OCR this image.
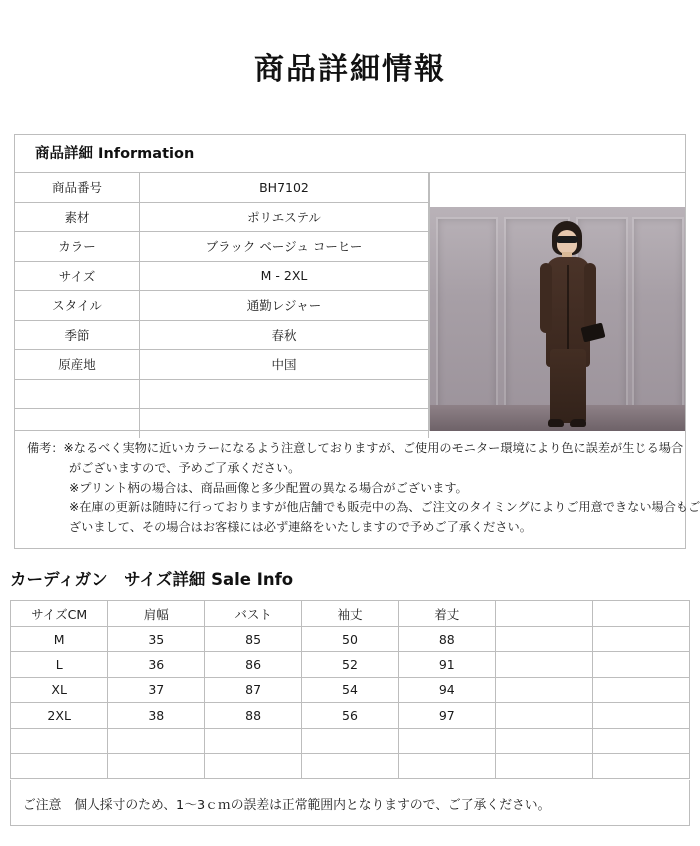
商品詳細情報
商品詳細 Information
商品番号	BH7102
素材	ポリエステル
カラー	ブラック ベージュ コーヒー
サイズ	M - 2XL
スタイル	通勤レジャー
季節	春秋
原産地	中国

備考：※なるべく実物に近いカラーになるよう注意しておりますが、ご使用のモニター環境により色に誤差が生じる場合
がございますので、予めご了承ください。
※プリント柄の場合は、商品画像と多少配置の異なる場合がございます。
※在庫の更新は随時に行っておりますが他店舗でも販売中の為、ご注文のタイミングによりご用意できない場合もご
ざいまして、その場合はお客様には必ず連絡をいたしますので予めご了承ください。
カーディガン　サイズ詳細 Sale Info
サイズCM	肩幅	バスト	袖丈	着丈		
M	35	85	50	88		
L	36	86	52	91		
XL	37	87	54	94		
2XL	38	88	56	97		

ご注意　個人採寸のため、1～3ｃｍの誤差は正常範囲内となりますので、ご了承ください。
